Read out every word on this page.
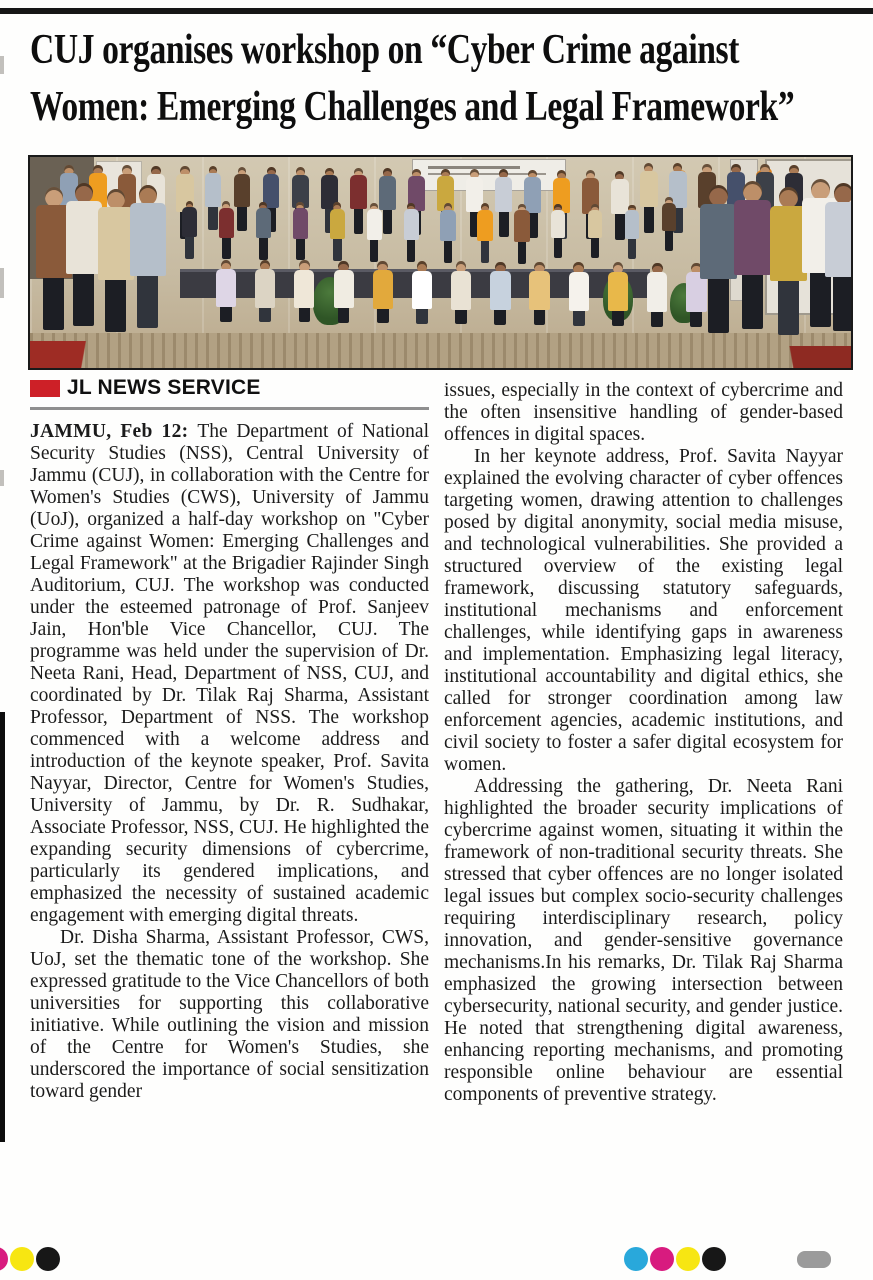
CUJ organises workshop on “Cyber Crime against
Women: Emerging Challenges and Legal Framework”
JL NEWS SERVICE

JAMMU, Feb 12: The Department of National Security Studies (NSS), Central University of Jammu (CUJ), in collaboration with the Centre for Women's Studies (CWS), University of Jammu (UoJ), organized a half-day workshop on "Cyber Crime against Women: Emerging Challenges and Legal Framework" at the Brigadier Rajinder Singh Auditorium, CUJ. The workshop was conducted under the esteemed patronage of Prof. Sanjeev Jain, Hon'ble Vice Chancellor, CUJ. The programme was held under the supervision of Dr. Neeta Rani, Head, Department of NSS, CUJ, and coordinated by Dr. Tilak Raj Sharma, Assistant Professor, Department of NSS. The workshop commenced with a welcome address and introduction of the keynote speaker, Prof. Savita Nayyar, Director, Centre for Women's Studies, University of Jammu, by Dr. R. Sudhakar, Associate Professor, NSS, CUJ. He highlighted the expanding security dimensions of cybercrime, particularly its gendered implications, and emphasized the necessity of sustained academic engagement with emerging digital threats.

Dr. Disha Sharma, Assistant Professor, CWS, UoJ, set the thematic tone of the workshop. She expressed gratitude to the Vice Chancellors of both universities for supporting this collaborative initiative. While outlining the vision and mission of the Centre for Women's Studies, she underscored the importance of social sensitization toward gender

issues, especially in the context of cybercrime and the often insensitive handling of gender-based offences in digital spaces.

In her keynote address, Prof. Savita Nayyar explained the evolving character of cyber offences targeting women, drawing attention to challenges posed by digital anonymity, social media misuse, and technological vulnerabilities. She provided a structured overview of the existing legal framework, discussing statutory safeguards, institutional mechanisms and enforcement challenges, while identifying gaps in awareness and implementation. Emphasizing legal literacy, institutional accountability and digital ethics, she called for stronger coordination among law enforcement agencies, academic institutions, and civil society to foster a safer digital ecosystem for women.

Addressing the gathering, Dr. Neeta Rani highlighted the broader security implications of cybercrime against women, situating it within the framework of non-traditional security threats. She stressed that cyber offences are no longer isolated legal issues but complex socio-security challenges requiring interdisciplinary research, policy innovation, and gender-sensitive governance mechanisms.In his remarks, Dr. Tilak Raj Sharma emphasized the growing intersection between cybersecurity, national security, and gender justice. He noted that strengthening digital awareness, enhancing reporting mechanisms, and promoting responsible online behaviour are essential components of preventive strategy.
